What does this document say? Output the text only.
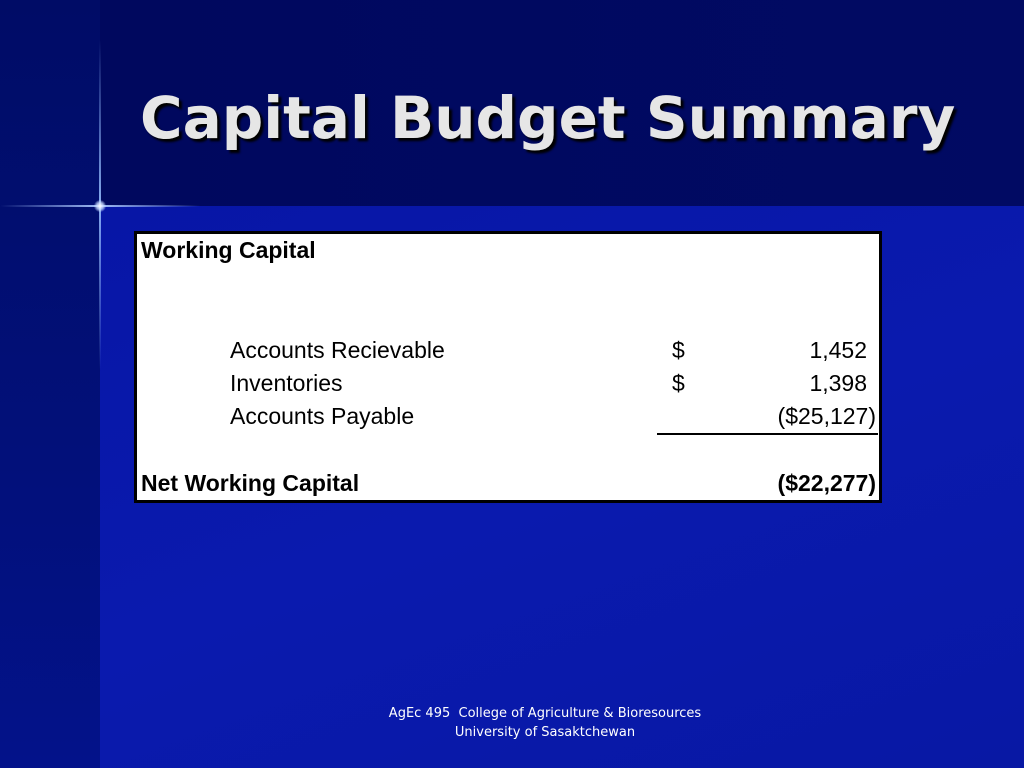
Capital Budget Summary
Working Capital
Accounts Recievable	$	1,452
Inventories	$	1,398
Accounts Payable	($25,127)
Net Working Capital	($22,277)
AgEc 495  College of Agriculture & Bioresources
University of Sasaktchewan
